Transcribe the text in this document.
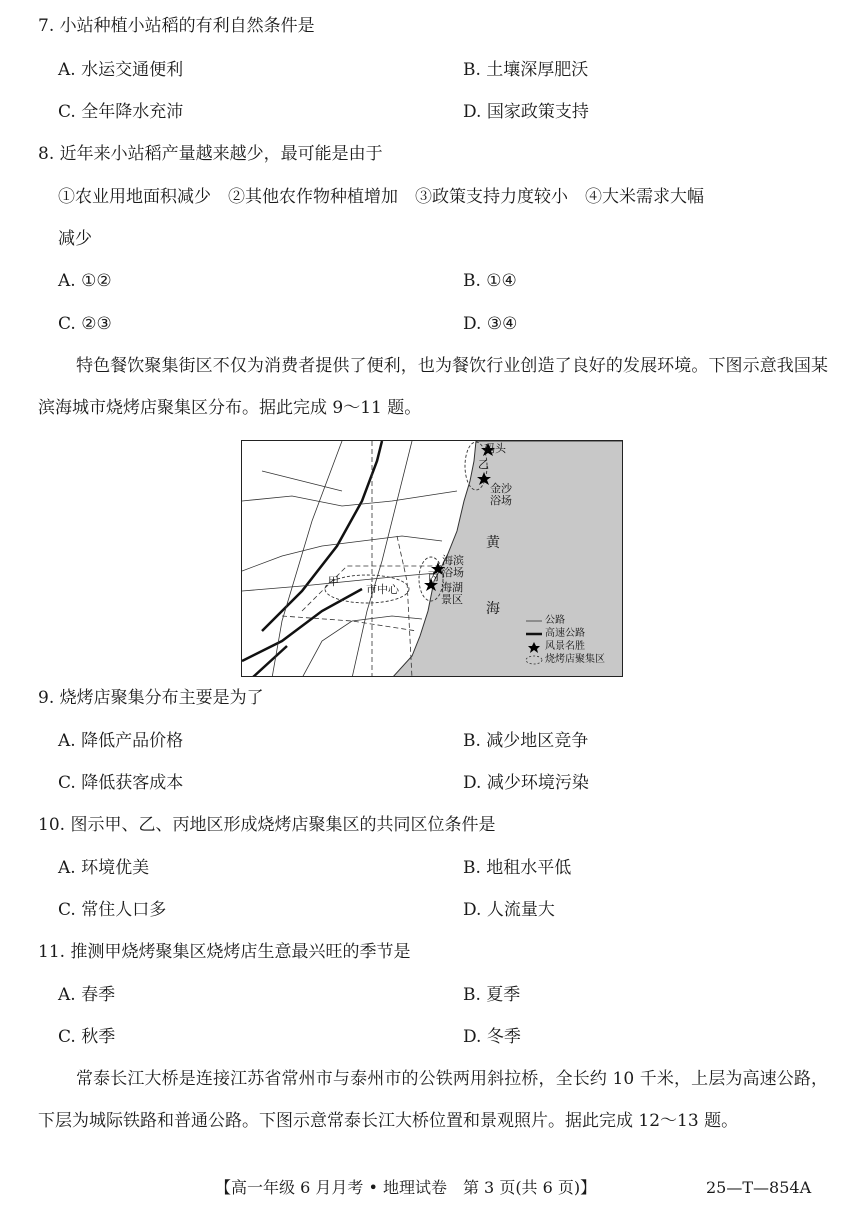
7. 小站种植小站稻的有利自然条件是
A. 水运交通便利	B. 土壤深厚肥沃
C. 全年降水充沛	D. 国家政策支持
8. 近年来小站稻产量越来越少，最可能是由于
①农业用地面积减少　②其他农作物种植增加　③政策支持力度较小　④大米需求大幅
减少
A. ①②	B. ①④
C. ②③	D. ③④
特色餐饮聚集街区不仅为消费者提供了便利，也为餐饮行业创造了良好的发展环境。下图示意我国某滨海城市烧烤店聚集区分布。据此完成 9～11 题。
码头
乙
金沙
浴场
海滨
浴场
市中心
甲	丙
海湖
景区
黄
海
公路
高速公路
风景名胜
烧烤店聚集区
9. 烧烤店聚集分布主要是为了
A. 降低产品价格	B. 减少地区竞争
C. 降低获客成本	D. 减少环境污染
10. 图示甲、乙、丙地区形成烧烤店聚集区的共同区位条件是
A. 环境优美	B. 地租水平低
C. 常住人口多	D. 人流量大
11. 推测甲烧烤聚集区烧烤店生意最兴旺的季节是
A. 春季	B. 夏季
C. 秋季	D. 冬季
常泰长江大桥是连接江苏省常州市与泰州市的公铁两用斜拉桥，全长约 10 千米，上层为高速公路，下层为城际铁路和普通公路。下图示意常泰长江大桥位置和景观照片。据此完成 12～13 题。
【高一年级 6 月月考 • 地理试卷　第 3 页(共 6 页)】	25—T—854A
